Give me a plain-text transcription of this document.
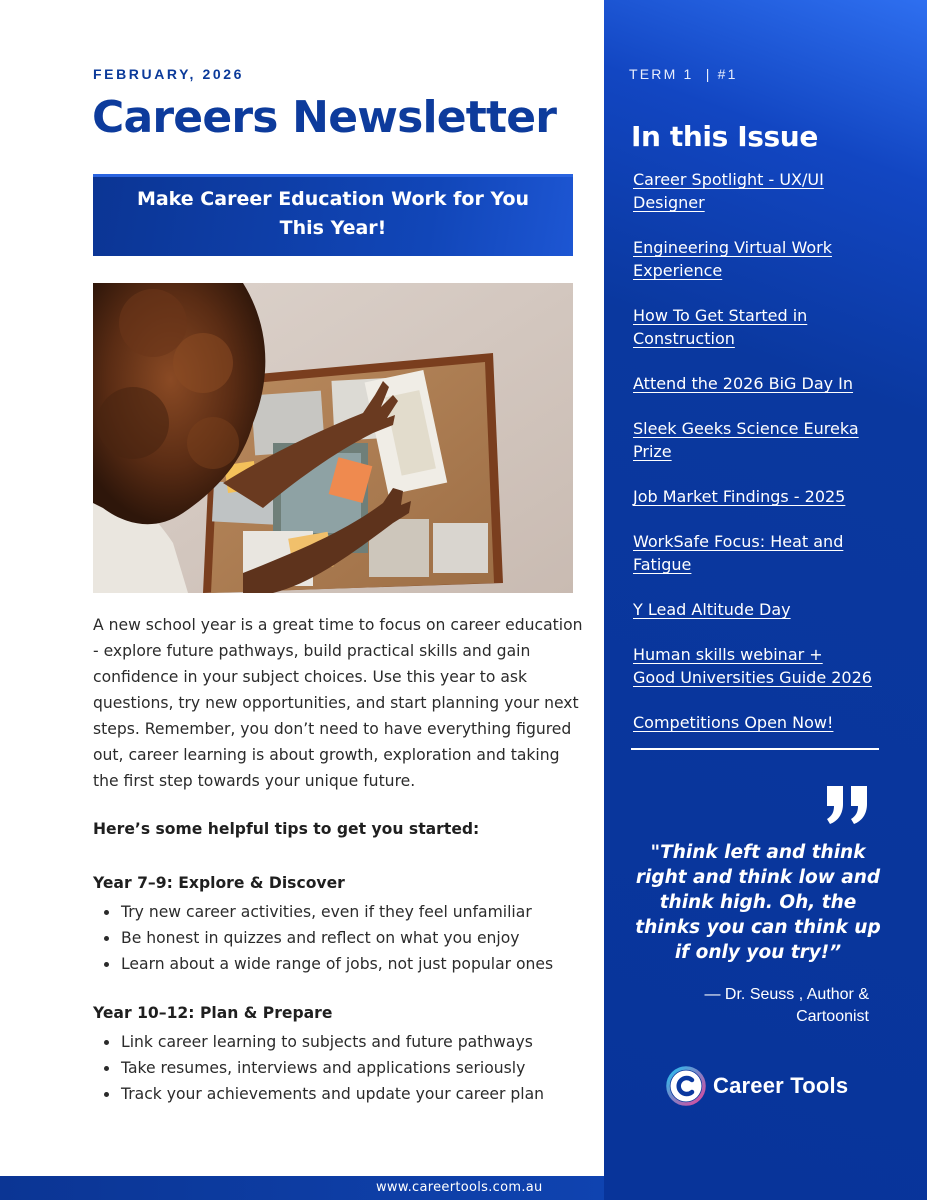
FEBRUARY, 2026
Careers Newsletter
Make Career Education Work for You
This Year!

A new school year is a great time to focus on career education - explore future pathways, build practical skills and gain confidence in your subject choices. Use this year to ask questions, try new opportunities, and start planning your next steps. Remember, you don’t need to have everything figured out, career learning is about growth, exploration and taking the first step towards your unique future.

Here’s some helpful tips to get you started:
Year 7–9: Explore & Discover
Try new career activities, even if they feel unfamiliar
Be honest in quizzes and reflect on what you enjoy
Learn about a wide range of jobs, not just popular ones
Year 10–12: Plan & Prepare
Link career learning to subjects and future pathways
Take resumes, interviews and applications seriously
Track your achievements and update your career plan
www.careertools.com.au
TERM 1  | #1
In this Issue
Career Spotlight - UX/UI
Designer
Engineering Virtual Work
Experience
How To Get Started in
Construction
Attend the 2026 BiG Day In
Sleek Geeks Science Eureka
Prize
Job Market Findings - 2025
WorkSafe Focus: Heat and
Fatigue
Y Lead Altitude Day
Human skills webinar +
Good Universities Guide 2026
Competitions Open Now!
"Think left and think right and think low and think high. Oh, the thinks you can think up if only you try!”
— Dr. Seuss , Author &
Cartoonist
Career Tools
